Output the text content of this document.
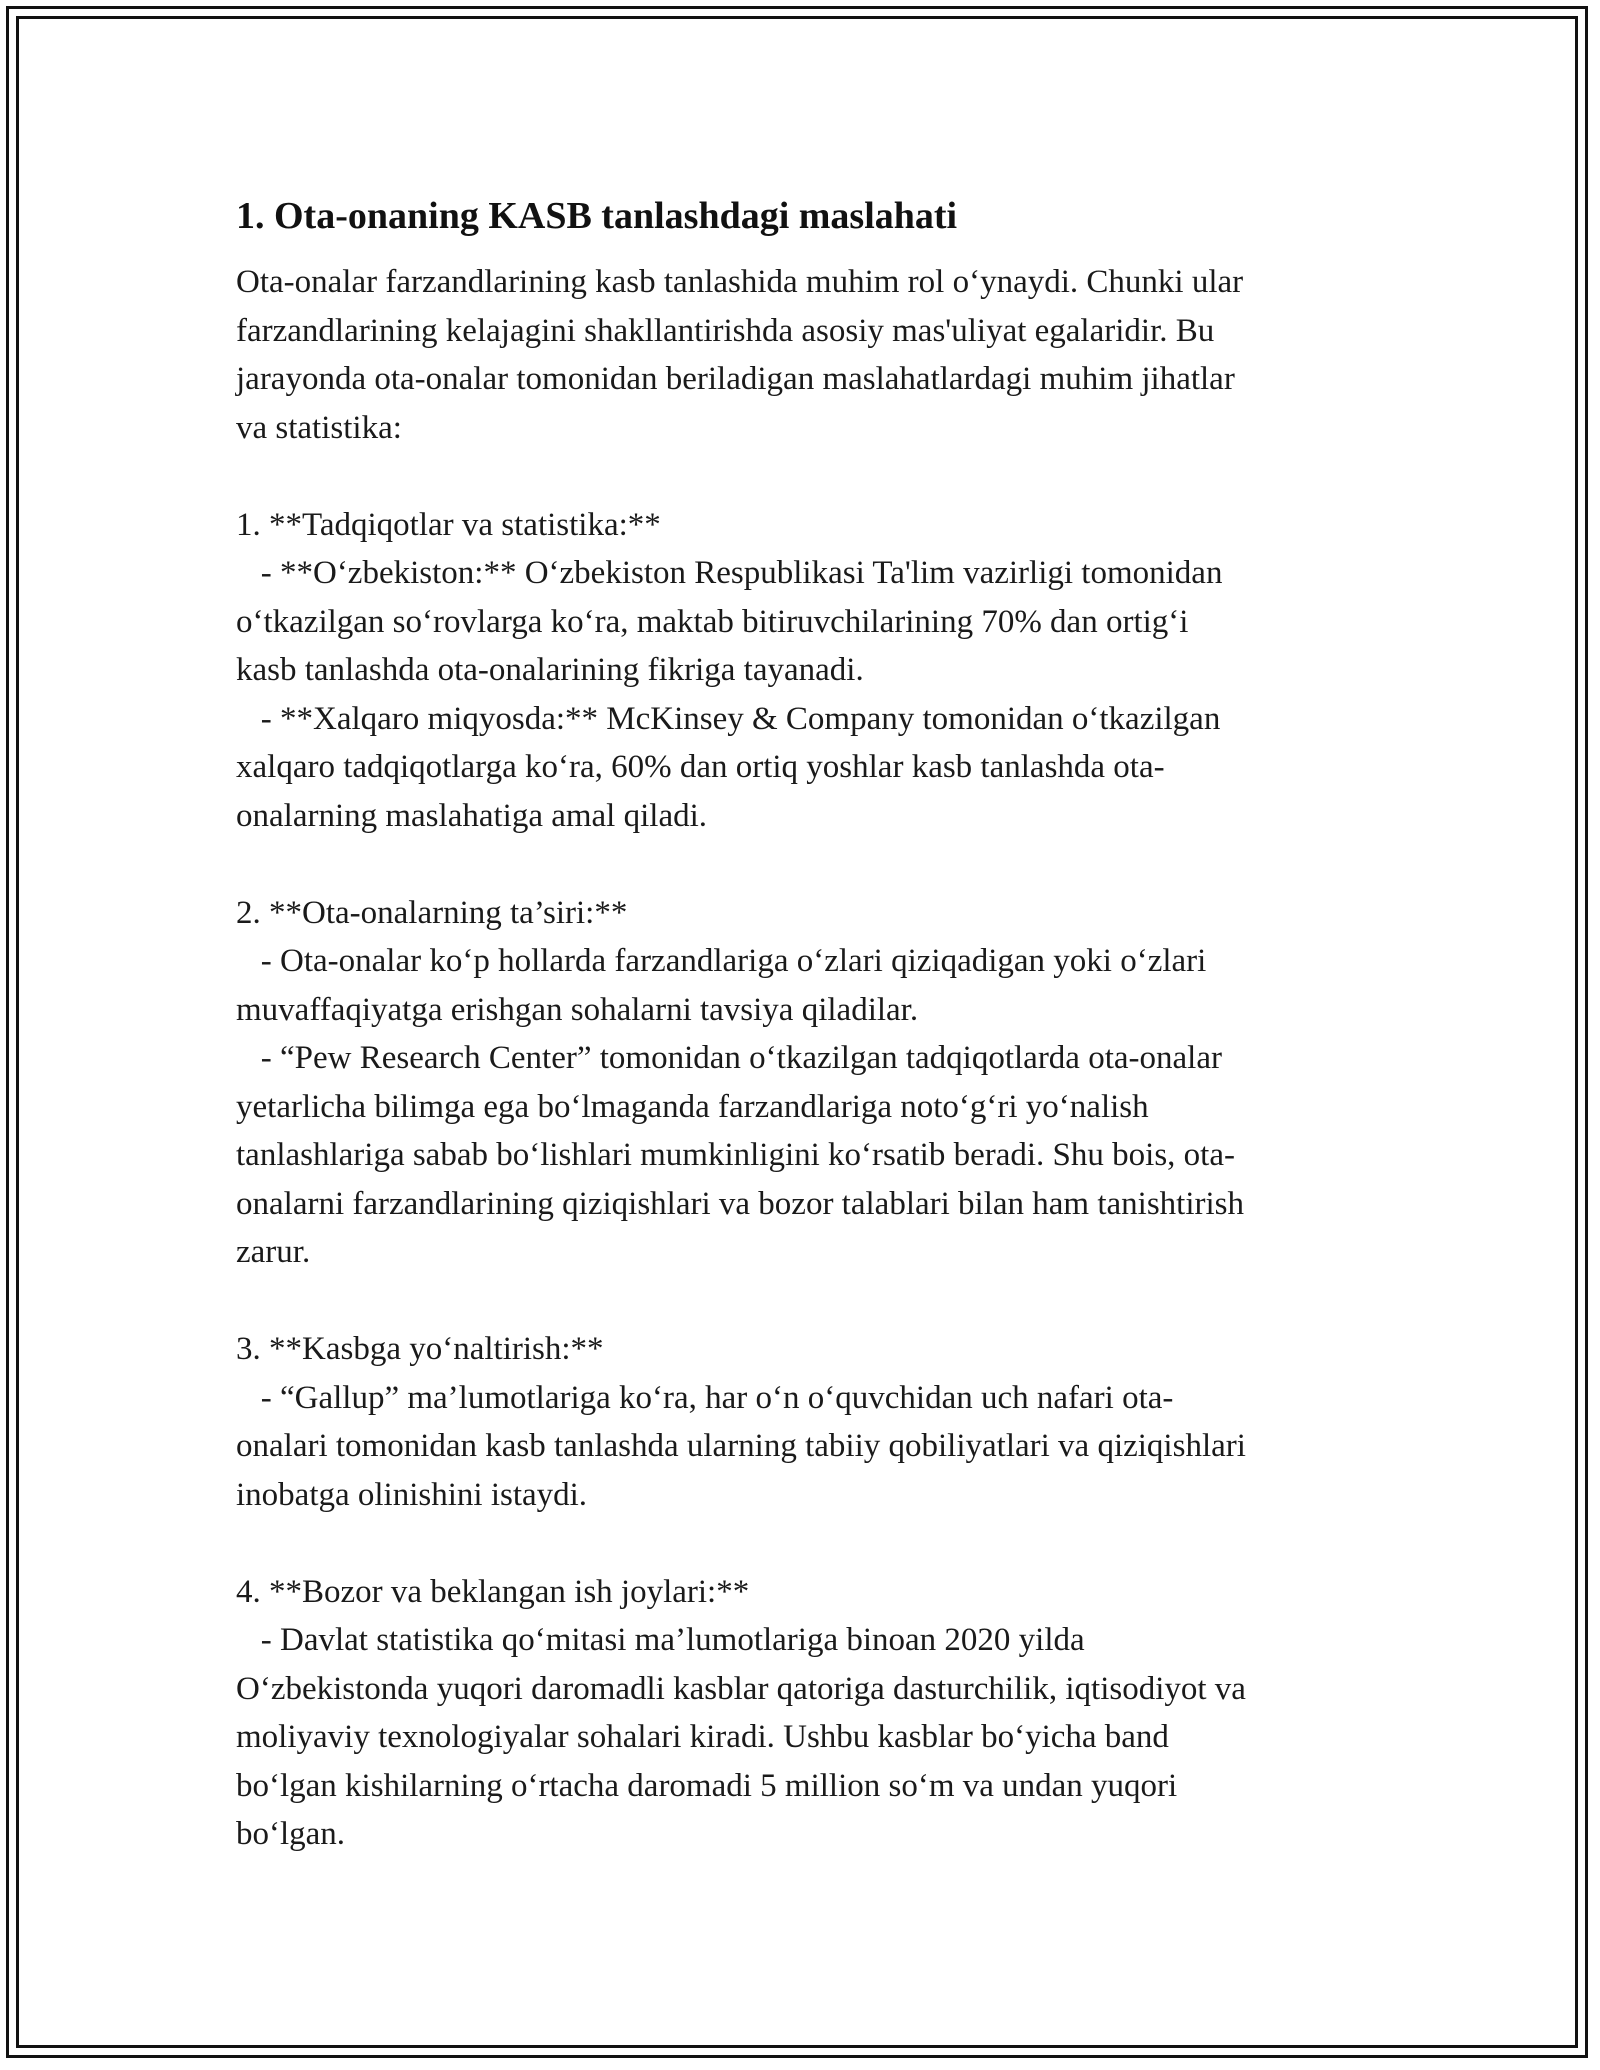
1. Ota-onaning KASB tanlashdagi maslahati

Ota-onalar farzandlarining kasb tanlashida muhim rol o‘ynaydi. Chunki ular

farzandlarining kelajagini shakllantirishda asosiy mas'uliyat egalaridir. Bu

jarayonda ota-onalar tomonidan beriladigan maslahatlardagi muhim jihatlar

va statistika:

1. **Tadqiqotlar va statistika:**

- **O‘zbekiston:** O‘zbekiston Respublikasi Ta'lim vazirligi tomonidan

o‘tkazilgan so‘rovlarga ko‘ra, maktab bitiruvchilarining 70% dan ortig‘i

kasb tanlashda ota-onalarining fikriga tayanadi.

- **Xalqaro miqyosda:** McKinsey & Company tomonidan o‘tkazilgan

xalqaro tadqiqotlarga ko‘ra, 60% dan ortiq yoshlar kasb tanlashda ota-

onalarning maslahatiga amal qiladi.

2. **Ota-onalarning ta’siri:**

- Ota-onalar ko‘p hollarda farzandlariga o‘zlari qiziqadigan yoki o‘zlari

muvaffaqiyatga erishgan sohalarni tavsiya qiladilar.

- “Pew Research Center” tomonidan o‘tkazilgan tadqiqotlarda ota-onalar

yetarlicha bilimga ega bo‘lmaganda farzandlariga noto‘g‘ri yo‘nalish

tanlashlariga sabab bo‘lishlari mumkinligini ko‘rsatib beradi. Shu bois, ota-

onalarni farzandlarining qiziqishlari va bozor talablari bilan ham tanishtirish

zarur.

3. **Kasbga yo‘naltirish:**

- “Gallup” ma’lumotlariga ko‘ra, har o‘n o‘quvchidan uch nafari ota-

onalari tomonidan kasb tanlashda ularning tabiiy qobiliyatlari va qiziqishlari

inobatga olinishini istaydi.

4. **Bozor va beklangan ish joylari:**

- Davlat statistika qo‘mitasi ma’lumotlariga binoan 2020 yilda

O‘zbekistonda yuqori daromadli kasblar qatoriga dasturchilik, iqtisodiyot va

moliyaviy texnologiyalar sohalari kiradi. Ushbu kasblar bo‘yicha band

bo‘lgan kishilarning o‘rtacha daromadi 5 million so‘m va undan yuqori

bo‘lgan.
